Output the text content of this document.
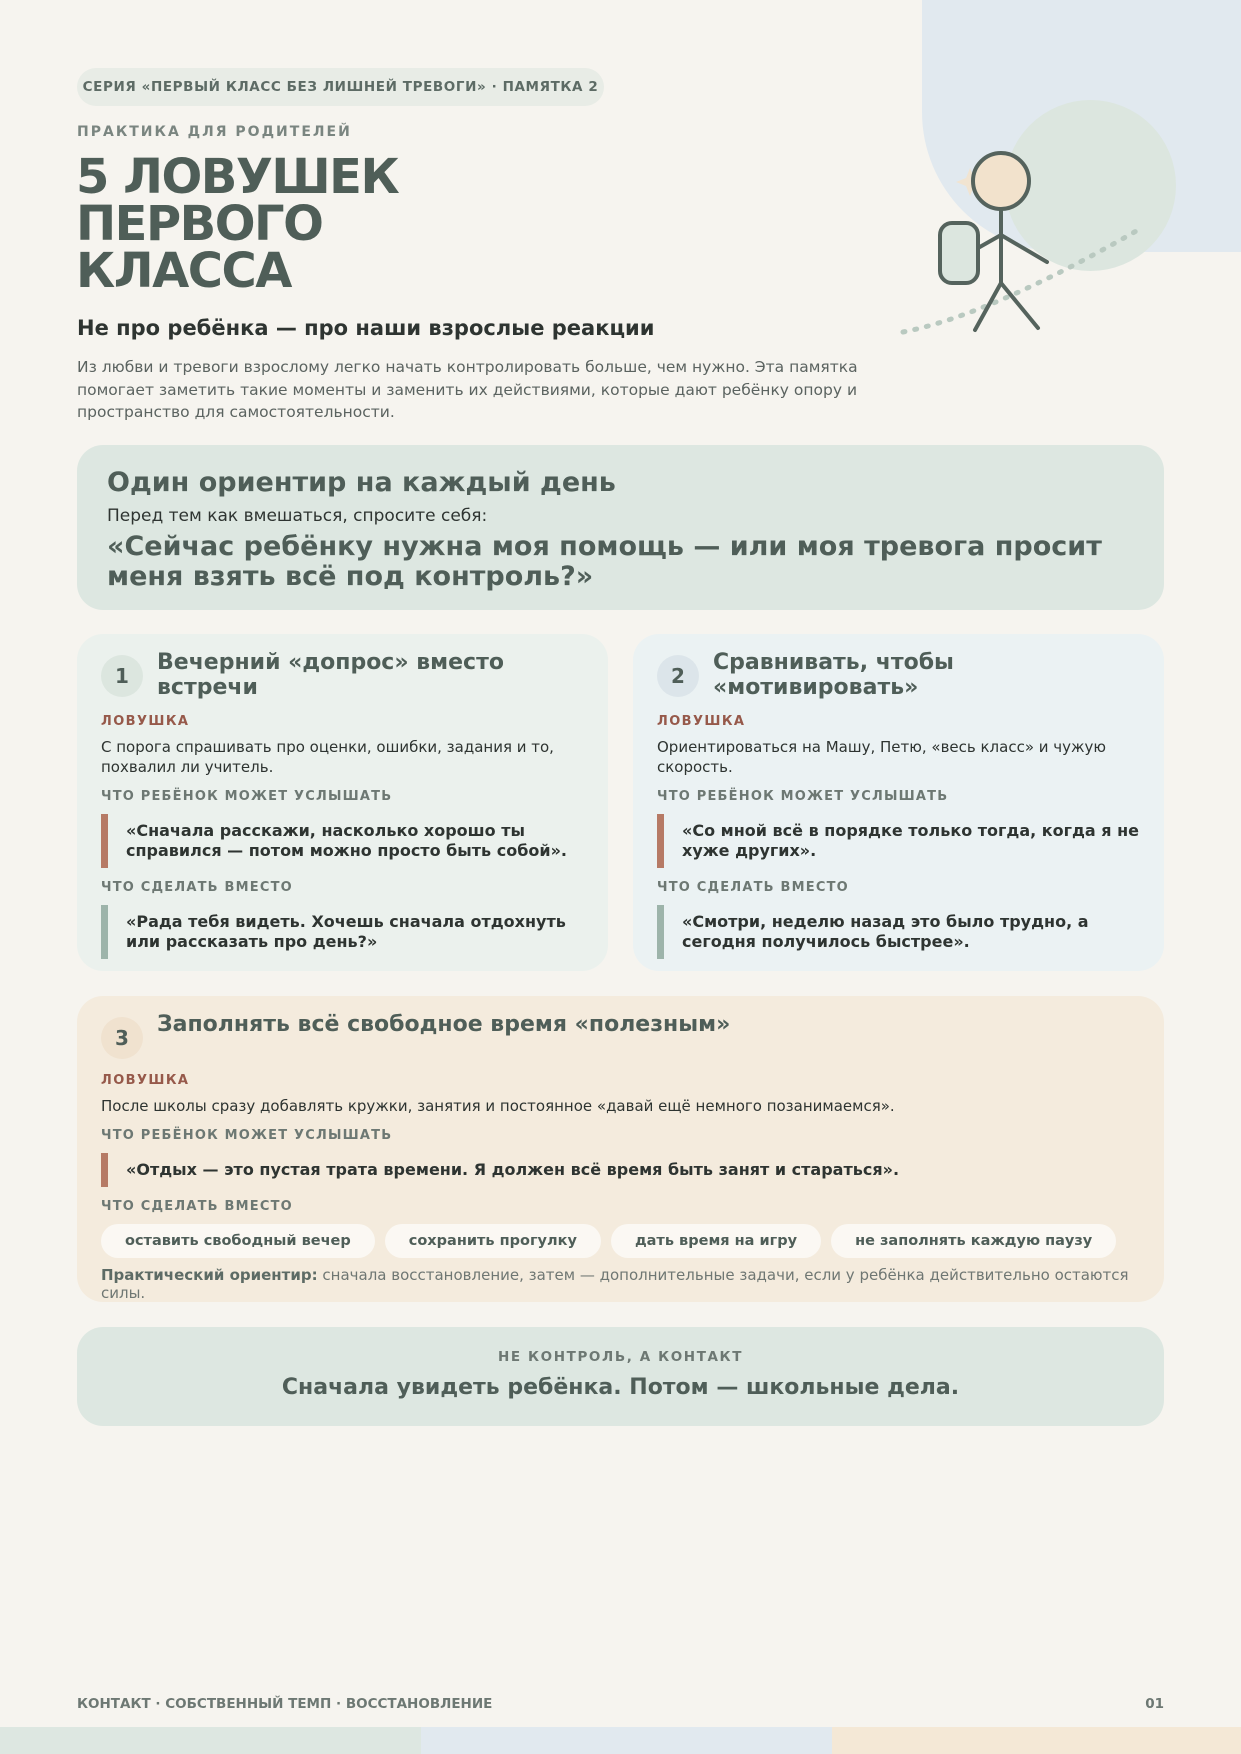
СЕРИЯ «ПЕРВЫЙ КЛАСС БЕЗ ЛИШНЕЙ ТРЕВОГИ» · ПАМЯТКА 2
ПРАКТИКА ДЛЯ РОДИТЕЛЕЙ
5 ЛОВУШЕК
ПЕРВОГО
КЛАССА
Не про ребёнка — про наши взрослые реакции
Из любви и тревоги взрослому легко начать контролировать больше, чем нужно. Эта памятка помогает заметить такие моменты и заменить их действиями, которые дают ребёнку опору и пространство для самостоятельности.
Один ориентир на каждый день
Перед тем как вмешаться, спросите себя:
«Сейчас ребёнку нужна моя помощь — или моя тревога просит меня взять всё под контроль?»
1
Вечерний «допрос» вместо встречи
ЛОВУШКА
С порога спрашивать про оценки, ошибки, задания и то, похвалил ли учитель.
ЧТО РЕБЁНОК МОЖЕТ УСЛЫШАТЬ
«Сначала расскажи, насколько хорошо ты справился — потом можно просто быть собой».
ЧТО СДЕЛАТЬ ВМЕСТО
«Рада тебя видеть. Хочешь сначала отдохнуть или рассказать про день?»
2
Сравнивать, чтобы «мотивировать»
ЛОВУШКА
Ориентироваться на Машу, Петю, «весь класс» и чужую скорость.
ЧТО РЕБЁНОК МОЖЕТ УСЛЫШАТЬ
«Со мной всё в порядке только тогда, когда я не хуже других».
ЧТО СДЕЛАТЬ ВМЕСТО
«Смотри, неделю назад это было трудно, а сегодня получилось быстрее».
3
Заполнять всё свободное время «полезным»
ЛОВУШКА
После школы сразу добавлять кружки, занятия и постоянное «давай ещё немного позанимаемся».
ЧТО РЕБЁНОК МОЖЕТ УСЛЫШАТЬ
«Отдых — это пустая трата времени. Я должен всё время быть занят и стараться».
ЧТО СДЕЛАТЬ ВМЕСТО
оставить свободный вечер	сохранить прогулку	дать время на игру	не заполнять каждую паузу
Практический ориентир: сначала восстановление, затем — дополнительные задачи, если у ребёнка действительно остаются силы.
НЕ КОНТРОЛЬ, А КОНТАКТ
Сначала увидеть ребёнка. Потом — школьные дела.
КОНТАКТ · СОБСТВЕННЫЙ ТЕМП · ВОССТАНОВЛЕНИЕ	01
